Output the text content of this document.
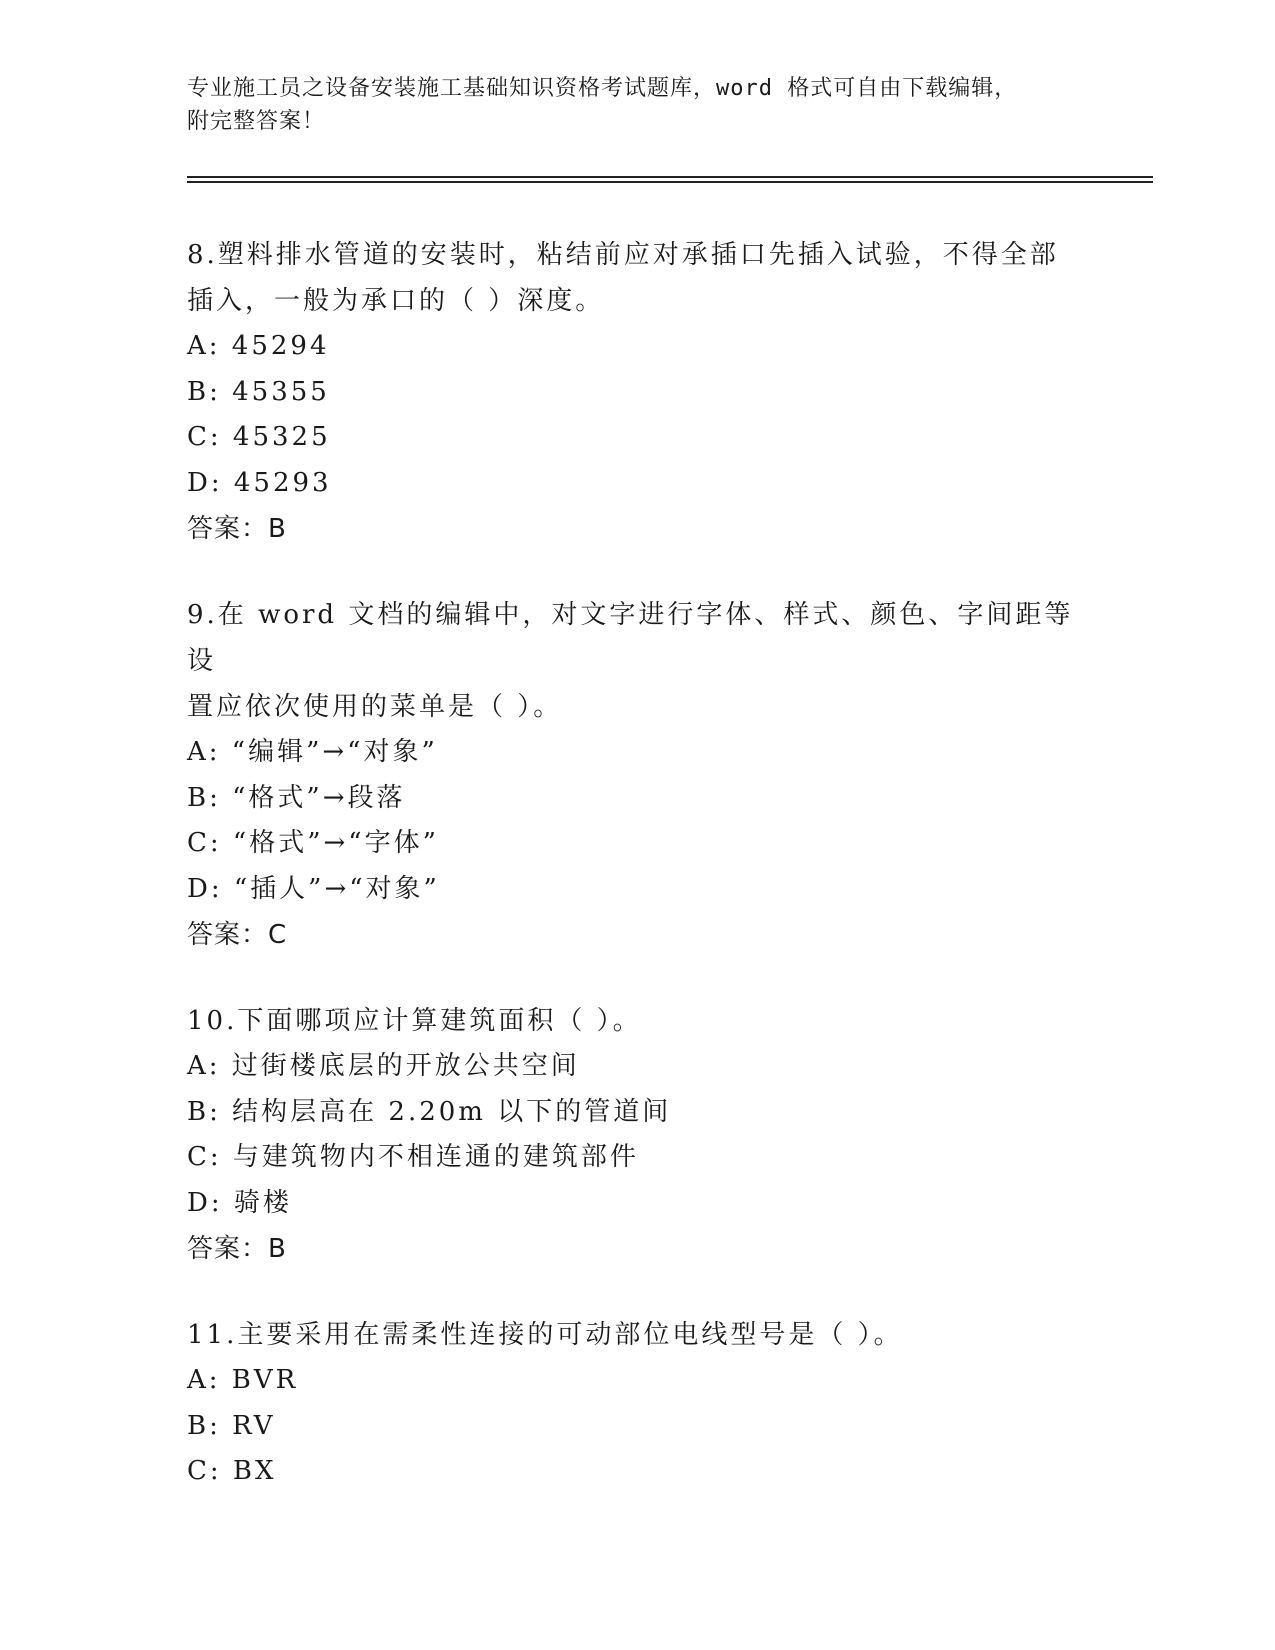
专业施工员之设备安装施工基础知识资格考试题库，word 格式可自由下载编辑，
附完整答案！

8.塑料排水管道的安装时，粘结前应对承插口先插入试验，不得全部

插入，一般为承口的（ ）深度。

A: 45294

B: 45355

C: 45325

D: 45293

答案：B

9.在 word 文档的编辑中，对文字进行字体、样式、颜色、字间距等设

置应依次使用的菜单是（ ）。

A: “编辑”→“对象”

B: “格式”→段落

C: “格式”→“字体”

D: “插人”→“对象”

答案：C

10.下面哪项应计算建筑面积（ ）。

A: 过街楼底层的开放公共空间

B: 结构层高在 2.20m 以下的管道间

C: 与建筑物内不相连通的建筑部件

D: 骑楼

答案：B

11.主要采用在需柔性连接的可动部位电线型号是（ ）。

A: BVR

B: RV

C: BX
